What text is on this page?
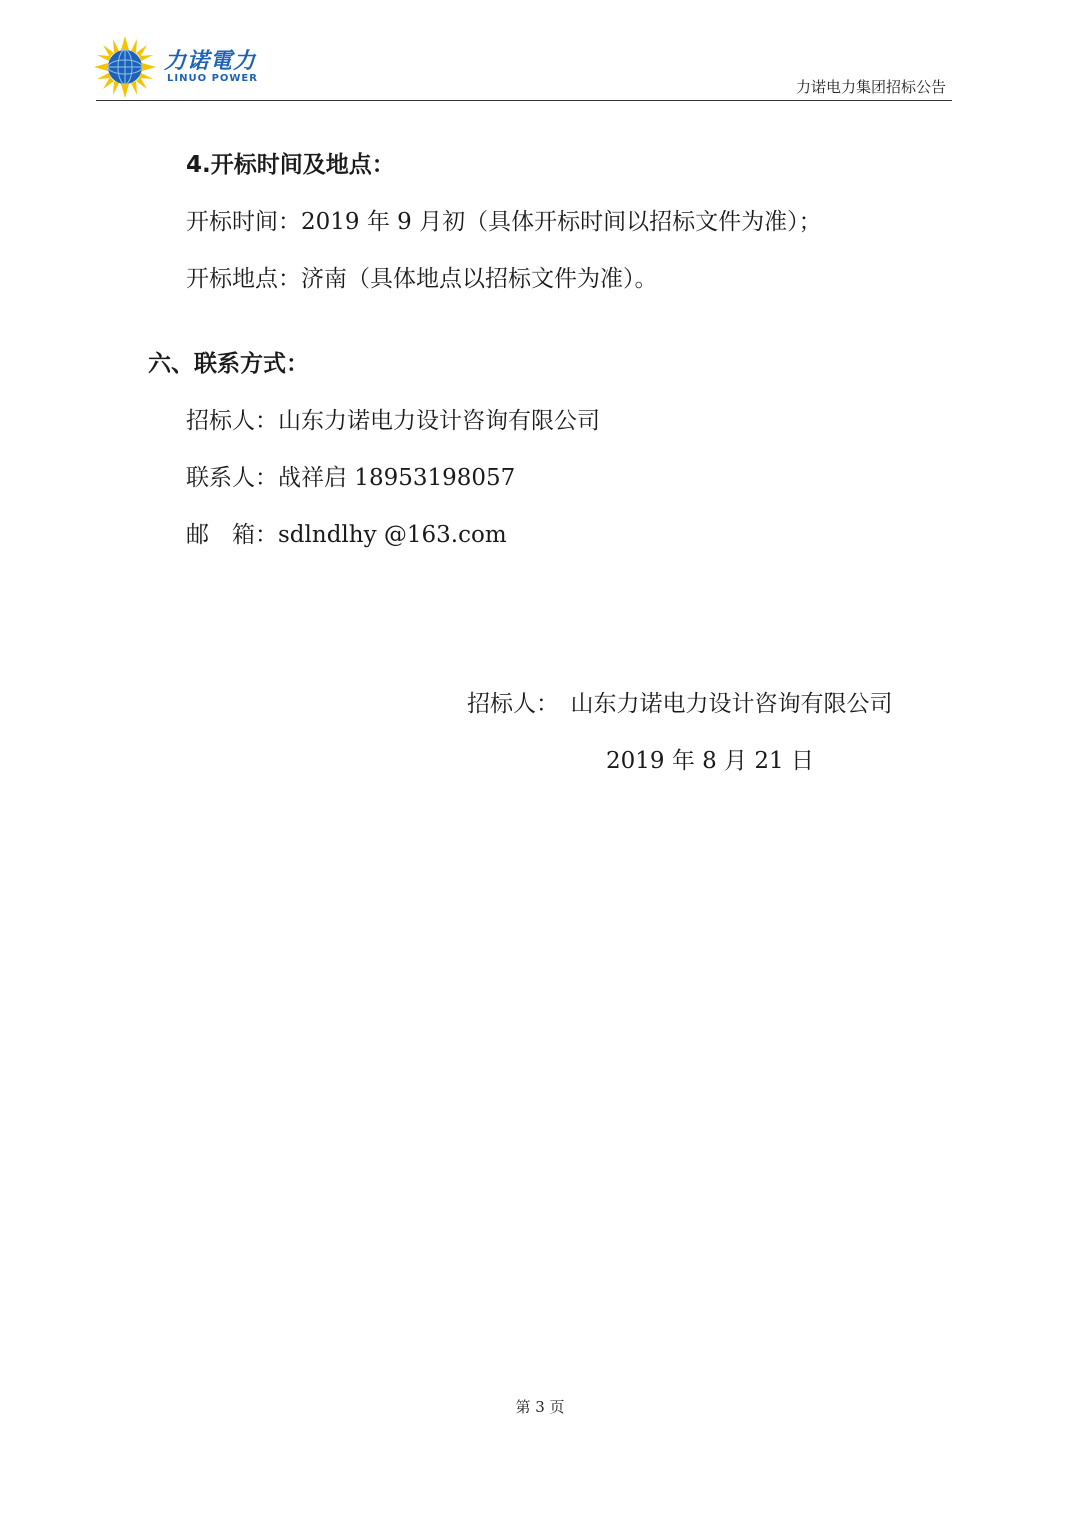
力诺電力
LINUO POWER	力诺电力集团招标公告
4.开标时间及地点：
开标时间：2019 年 9 月初（具体开标时间以招标文件为准）；
开标地点：济南（具体地点以招标文件为准）。
六、联系方式：
招标人：山东力诺电力设计咨询有限公司
联系人：战祥启 18953198057
邮　箱：sdlndlhy @163.com
招标人：　山东力诺电力设计咨询有限公司
2019 年 8 月 21 日
第 3 页
